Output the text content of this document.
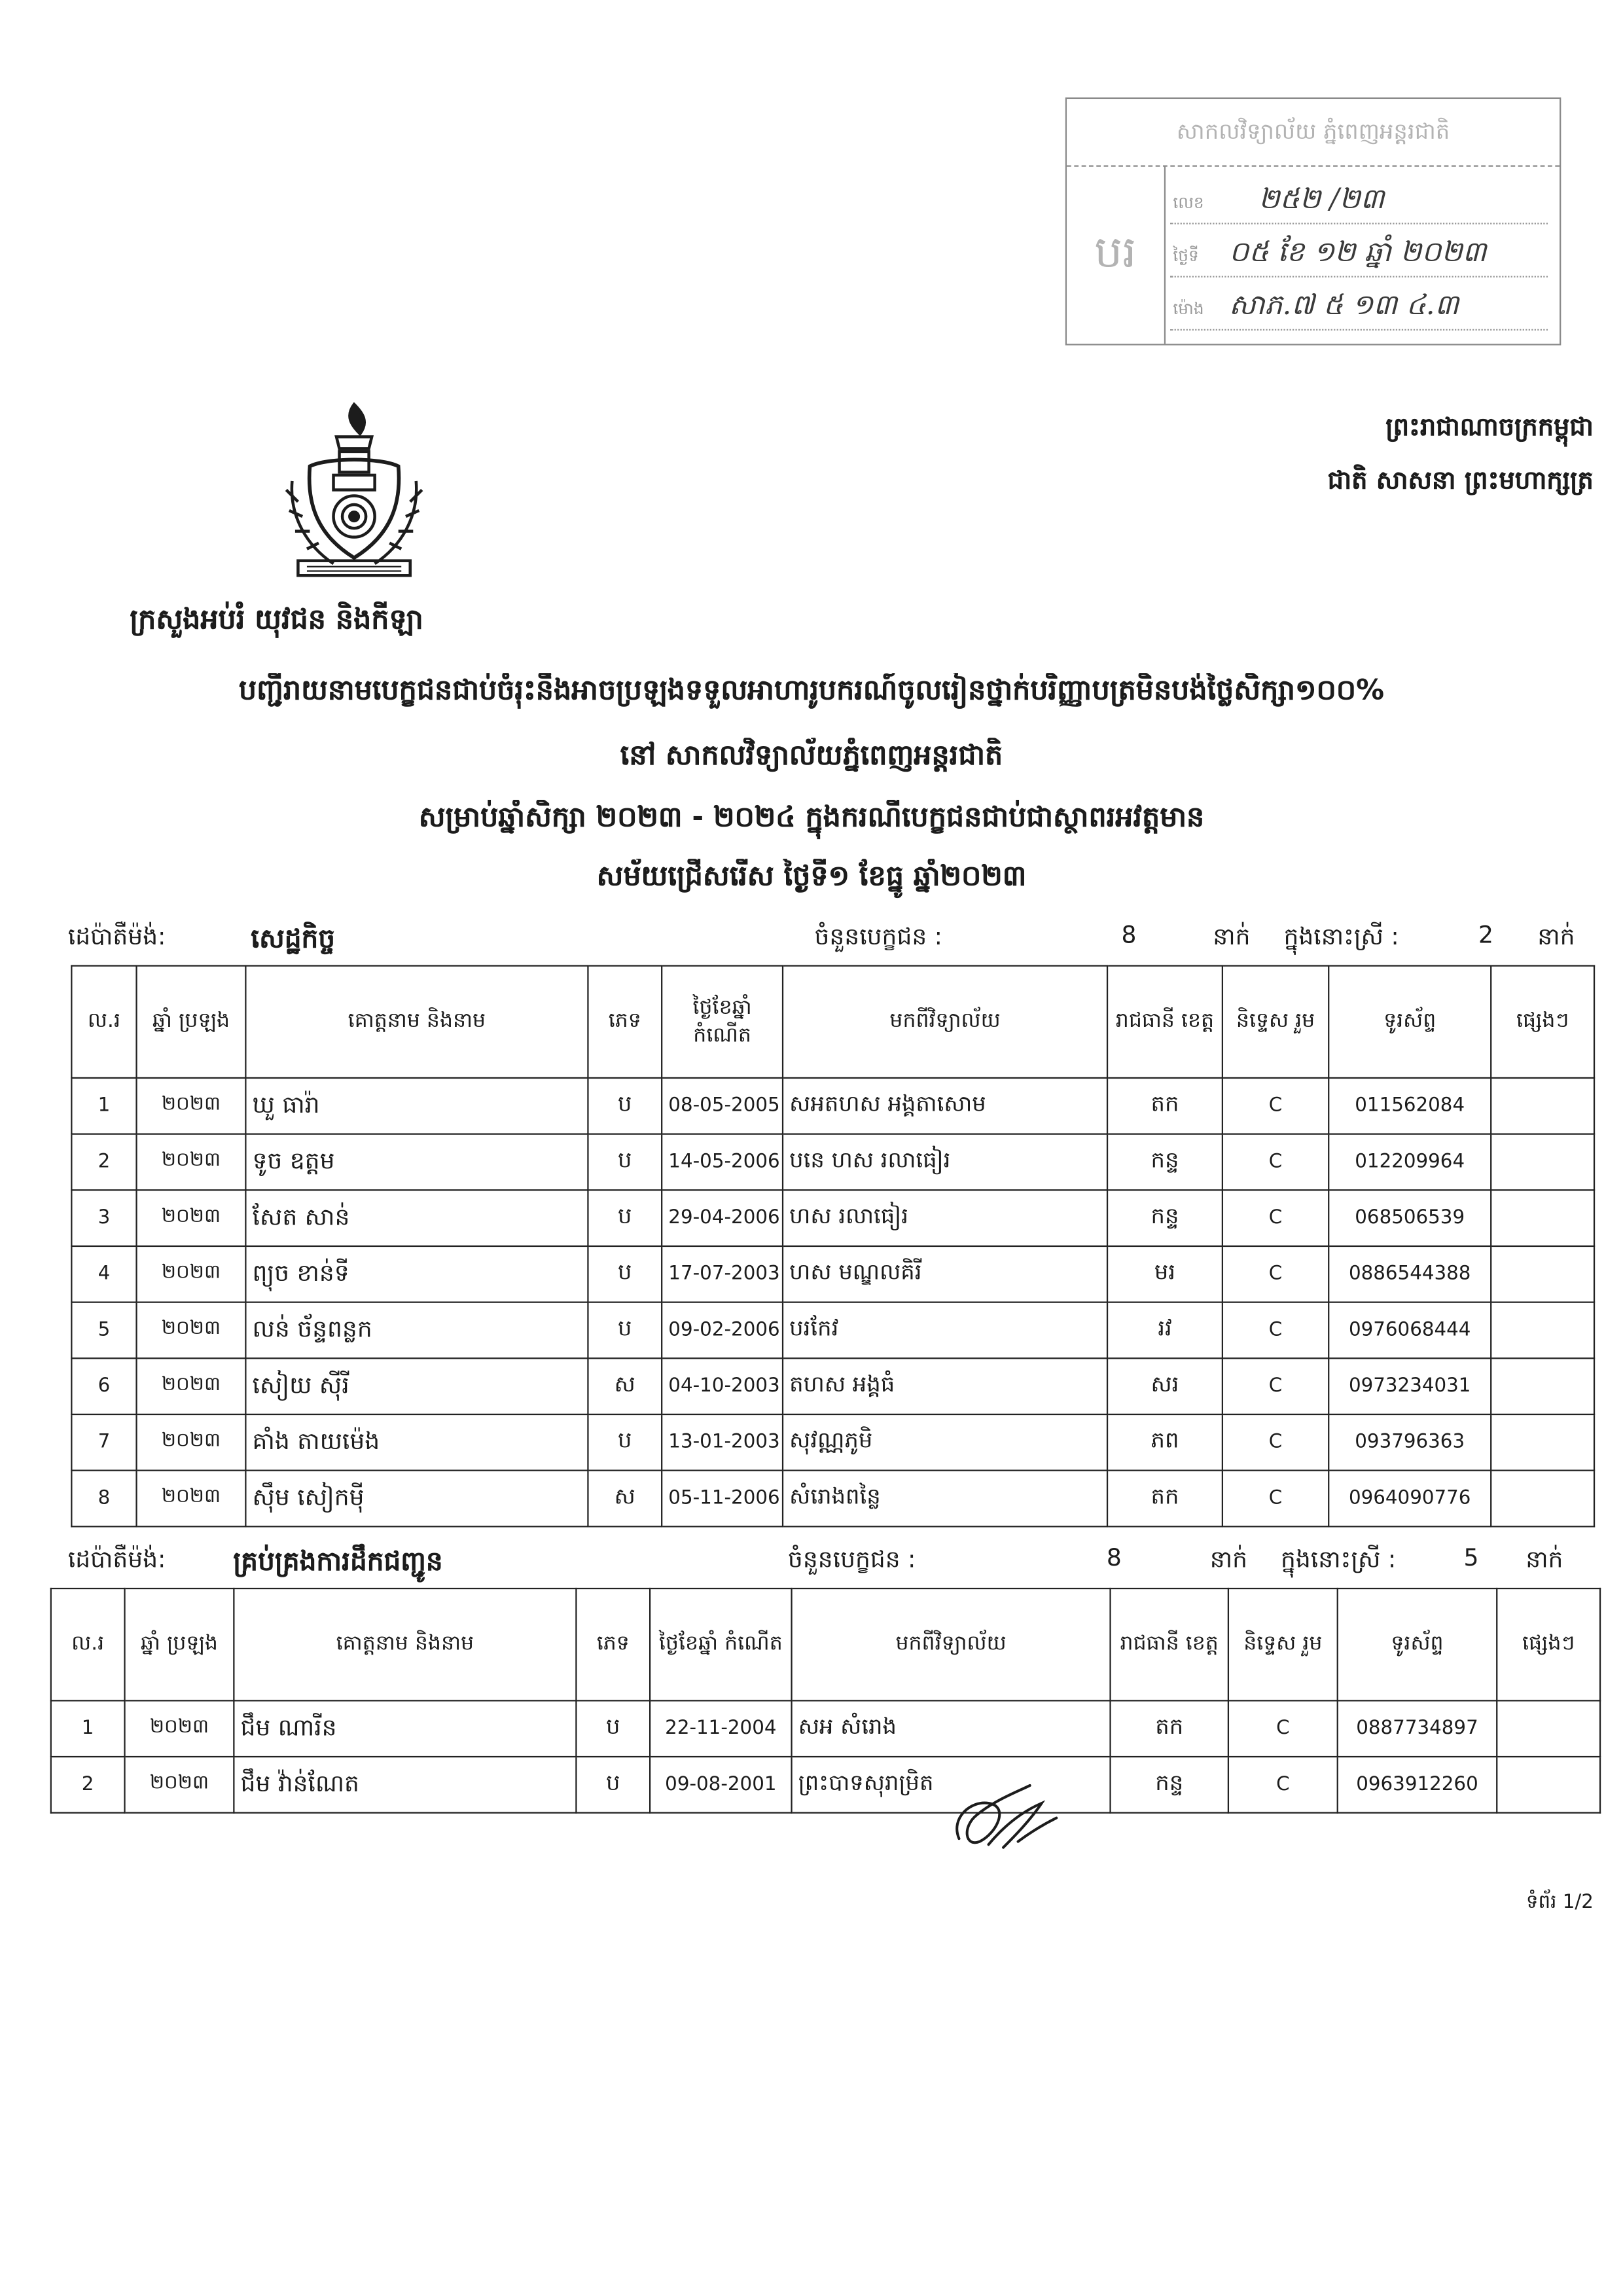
សាកលវិទ្យាល័យ ភ្នំពេញអន្តរជាតិ
បរ
លេខ	២៥២ /២៣
ថ្ងៃទី ០៥ ខែ ១២ ឆ្នាំ ២០២៣
ម៉ោង សាភ.៧ ៥ ១៣ ៤.៣
ព្រះរាជាណាចក្រកម្ពុជា
ជាតិ សាសនា ព្រះមហាក្សត្រ
ក្រសួងអប់រំ យុវជន និងកីឡា
បញ្ជីរាយនាមបេក្ខជនជាប់ចំរុះនឹងអាចប្រឡងទទួលអាហារូបករណ៍ចូលរៀនថ្នាក់បរិញ្ញាបត្រមិនបង់ថ្លៃសិក្សា១០០%
នៅ សាកលវិទ្យាល័យភ្នំពេញអន្តរជាតិ
សម្រាប់ឆ្នាំសិក្សា ២០២៣ - ២០២៤ ក្នុងករណីបេក្ខជនជាប់ជាស្ថាពរអវត្តមាន
សម័យជ្រើសរើស ថ្ងៃទី១ ខែធ្នូ ឆ្នាំ២០២៣
ដេប៉ាតឺម៉ង់:	សេដ្ឋកិច្ច	ចំនួនបេក្ខជន :	8	នាក់	ក្នុងនោះស្រី :	2	នាក់
ល.រ	ឆ្នាំ ប្រឡង	គោត្តនាម និងនាម	ភេទ	ថ្ងៃខែឆ្នាំ កំណើត	មកពីវិទ្យាល័យ	រាជធានី ខេត្ត	និទ្ទេស រួម	ទូរស័ព្ទ	ផ្សេងៗ
1	២០២៣	ឃួ ធារ៉ា	ប	08-05-2005	សអតហស អង្គតាសោម	តក	C	011562084	
2	២០២៣	ទូច ឧត្តម	ប	14-05-2006	បនេ ហស រលាធៀរ	កន្ទ	C	012209964	
3	២០២៣	សែត សាន់	ប	29-04-2006	ហស រលាធៀរ	កន្ទ	C	068506539	
4	២០២៣	ព្យុច ខាន់ទី	ប	17-07-2003	ហស មណ្ឌលគិរី	មរ	C	0886544388	
5	២០២៣	លន់ ច័ន្ទពន្លក	ប	09-02-2006	បរកែវ	រវ	C	0976068444	
6	២០២៣	សៀយ ស៊ីរី	ស	04-10-2003	តហស អង្គធំ	សរ	C	0973234031	
7	២០២៣	គាំង តាយម៉េង	ប	13-01-2003	សុវណ្ណភូមិ	ភព	C	093796363	
8	២០២៣	ស៊ឹម សៀកមុី	ស	05-11-2006	សំរោងពន្លៃ	តក	C	0964090776	
ដេប៉ាតឺម៉ង់:	គ្រប់គ្រងការដឹកជញ្ជូន	ចំនួនបេក្ខជន :	8	នាក់	ក្នុងនោះស្រី :	5	នាក់
ល.រ	ឆ្នាំ ប្រឡង	គោត្តនាម និងនាម	ភេទ	ថ្ងៃខែឆ្នាំ កំណើត	មកពីវិទ្យាល័យ	រាជធានី ខេត្ត	និទ្ទេស រួម	ទូរស័ព្ទ	ផ្សេងៗ
1	២០២៣	ជឹម ណារីន	ប	22-11-2004	សអ សំរោង	តក	C	0887734897	
2	២០២៣	ជឹម វ៉ាន់ណែត	ប	09-08-2001	ព្រះបាទសុរាម្រិត	កន្ទ	C	0963912260	
ទំព័រ 1/2
